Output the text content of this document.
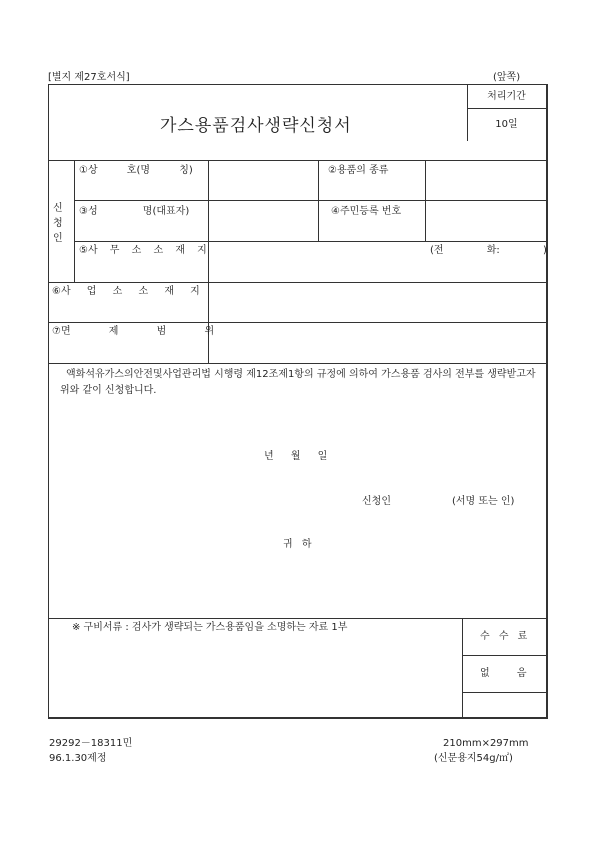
[별지 제27호서식]	(앞쪽)
가스용품검사생략신청서
처리기간
10일
신
청
인
①상 호(명 칭)	②용품의 종류
③성 명(대표자)	④주민등록 번호
⑤사 무 소 소 재 지	(전 화: )
⑥사 업 소 소 재 지
⑦면 제 범 위
액화석유가스의안전및사업관리법 시행령 제12조제1항의 규정에 의하여 가스용품 검사의 전부를 생략받고자 위와 같이 신청합니다.
년 월 일
신청인	(서명 또는 인)
귀 하
※ 구비서류 : 검사가 생략되는 가스용품임을 소명하는 자료 1부
수 수 료
없 음
29292－18311민
96.1.30제정
210mm×297mm
(신문용지54g/㎡)
